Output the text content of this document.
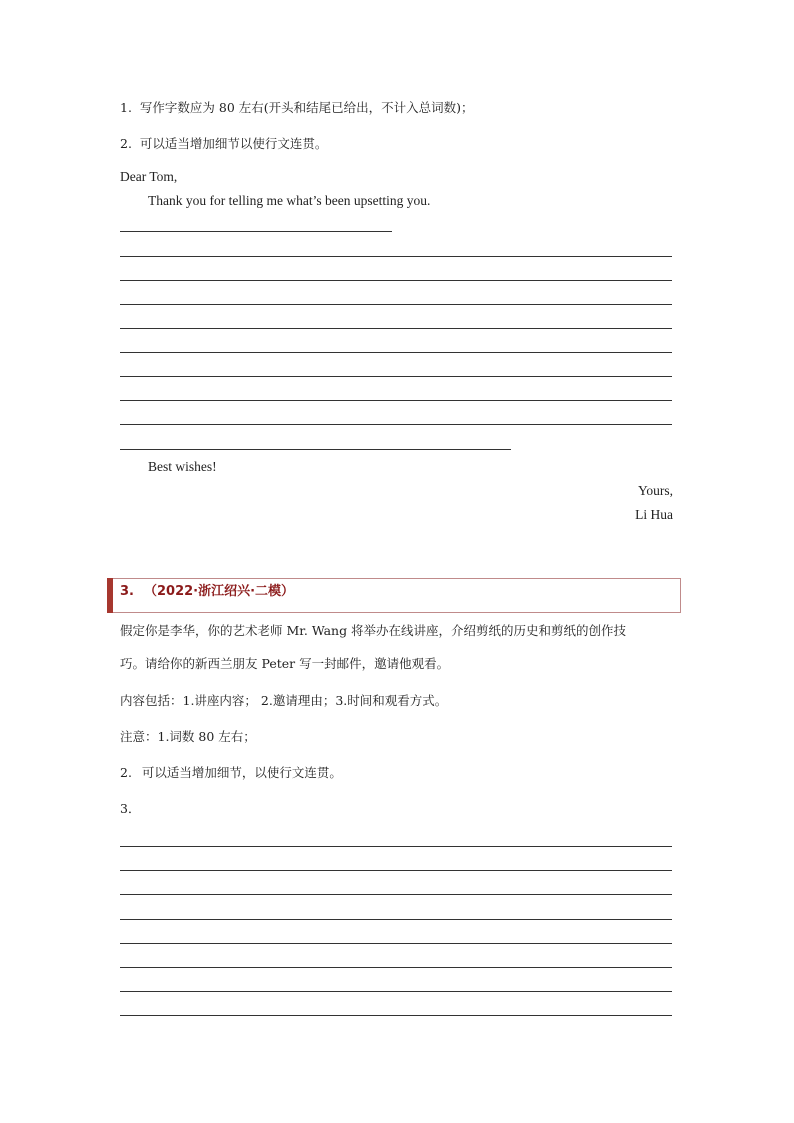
1. 写作字数应为 80 左右(开头和结尾已给出，不计入总词数)；
2. 可以适当增加细节以使行文连贯。
Dear Tom,
Thank you for telling me what’s been upsetting you.
Best wishes!
Yours,
Li Hua
3. （2022·浙江绍兴·二模）
假定你是李华，你的艺术老师 Mr. Wang 将举办在线讲座，介绍剪纸的历史和剪纸的创作技
巧。请给你的新西兰朋友 Peter 写一封邮件，邀请他观看。
内容包括：1.讲座内容； 2.邀请理由；3.时间和观看方式。
注意：1.词数 80 左右；
2. 可以适当增加细节，以使行文连贯。
3．
